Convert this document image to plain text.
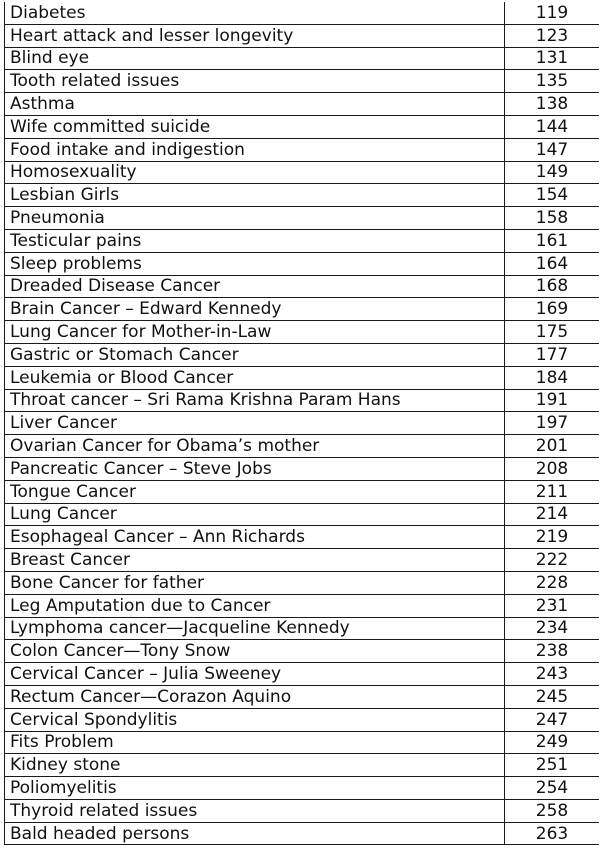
Diabetes	119
Heart attack and lesser longevity	123
Blind eye	131
Tooth related issues	135
Asthma	138
Wife committed suicide	144
Food intake and indigestion	147
Homosexuality	149
Lesbian Girls	154
Pneumonia	158
Testicular pains	161
Sleep problems	164
Dreaded Disease Cancer	168
Brain Cancer – Edward Kennedy	169
Lung Cancer for Mother-in-Law	175
Gastric or Stomach Cancer	177
Leukemia or Blood Cancer	184
Throat cancer – Sri Rama Krishna Param Hans	191
Liver Cancer	197
Ovarian Cancer for Obama’s mother	201
Pancreatic Cancer – Steve Jobs	208
Tongue Cancer	211
Lung Cancer	214
Esophageal Cancer – Ann Richards	219
Breast Cancer	222
Bone Cancer for father	228
Leg Amputation due to Cancer	231
Lymphoma cancer—Jacqueline Kennedy	234
Colon Cancer—Tony Snow	238
Cervical Cancer – Julia Sweeney	243
Rectum Cancer—Corazon Aquino	245
Cervical Spondylitis	247
Fits Problem	249
Kidney stone	251
Poliomyelitis	254
Thyroid related issues	258
Bald headed persons	263
